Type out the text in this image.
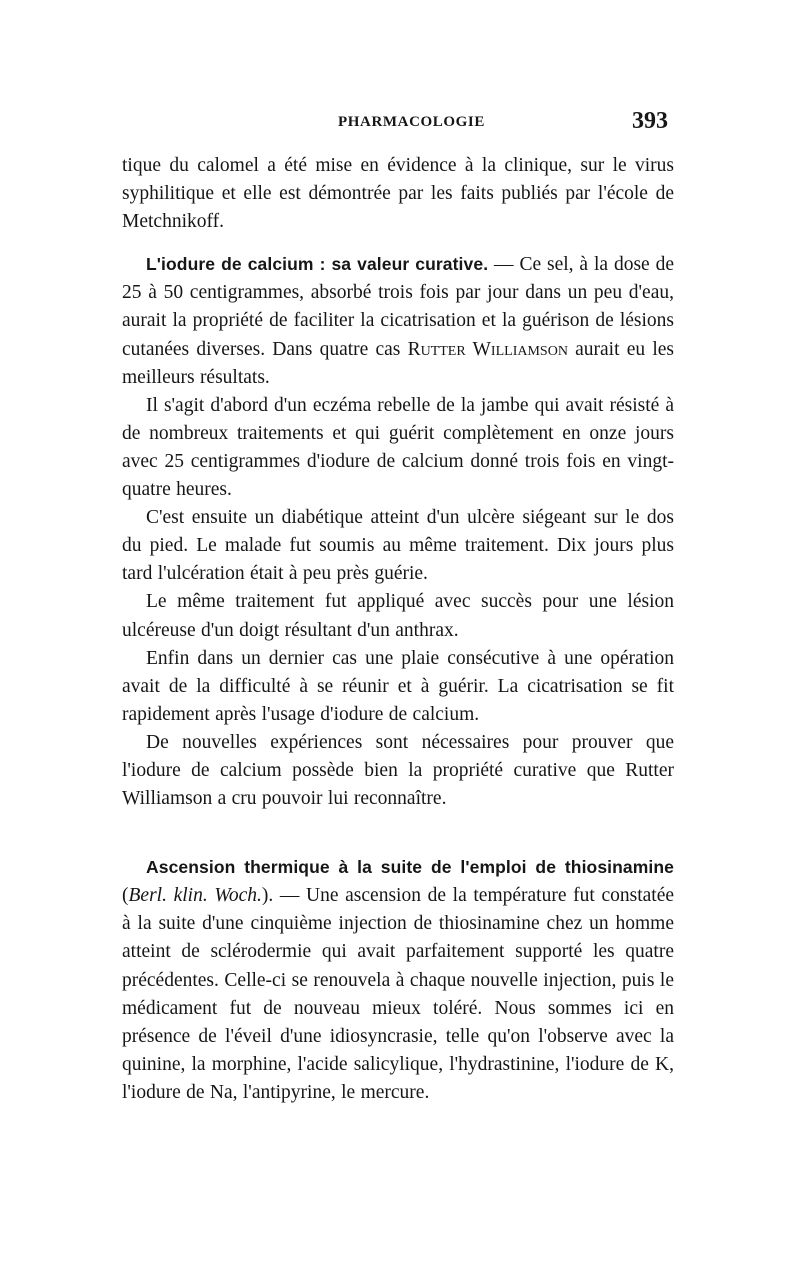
PHARMACOLOGIE	393

tique du calomel a été mise en évidence à la clinique, sur le virus syphilitique et elle est démontrée par les faits publiés par l'école de Metchnikoff.

L'iodure de calcium : sa valeur curative. — Ce sel, à la dose de 25 à 50 centigrammes, absorbé trois fois par jour dans un peu d'eau, aurait la propriété de faciliter la cicatrisation et la guérison de lésions cutanées diverses. Dans quatre cas Rutter Williamson aurait eu les meilleurs résultats.

Il s'agit d'abord d'un eczéma rebelle de la jambe qui avait résisté à de nombreux traitements et qui guérit complètement en onze jours avec 25 centigrammes d'iodure de calcium donné trois fois en vingt-quatre heures.

C'est ensuite un diabétique atteint d'un ulcère siégeant sur le dos du pied. Le malade fut soumis au même traitement. Dix jours plus tard l'ulcération était à peu près guérie.

Le même traitement fut appliqué avec succès pour une lésion ulcéreuse d'un doigt résultant d'un anthrax.

Enfin dans un dernier cas une plaie consécutive à une opération avait de la difficulté à se réunir et à guérir. La cicatrisation se fit rapidement après l'usage d'iodure de calcium.

De nouvelles expériences sont nécessaires pour prouver que l'iodure de calcium possède bien la propriété curative que Rutter Williamson a cru pouvoir lui reconnaître.

Ascension thermique à la suite de l'emploi de thiosinamine (Berl. klin. Woch.). — Une ascension de la température fut constatée à la suite d'une cinquième injection de thiosinamine chez un homme atteint de sclérodermie qui avait parfaitement supporté les quatre précédentes. Celle-ci se renouvela à chaque nouvelle injection, puis le médicament fut de nouveau mieux toléré. Nous sommes ici en présence de l'éveil d'une idiosyncrasie, telle qu'on l'observe avec la quinine, la morphine, l'acide salicylique, l'hydrastinine, l'iodure de K, l'iodure de Na, l'antipyrine, le mercure.
